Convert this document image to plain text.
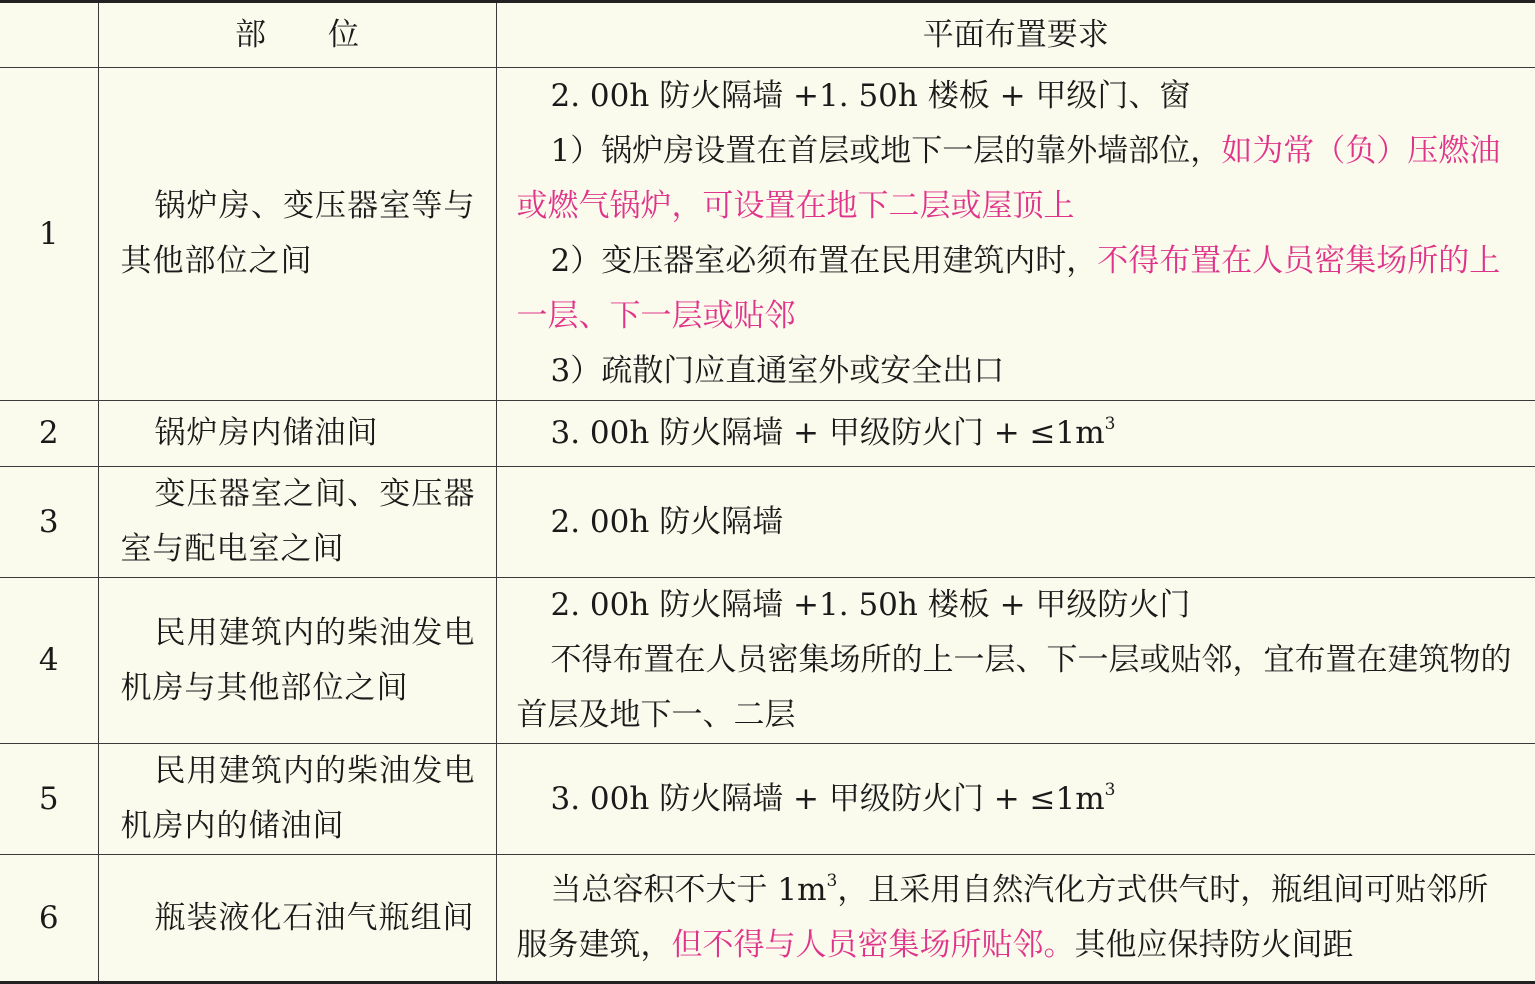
	部　　位	平面布置要求
1	锅炉房、变压器室等与其他部位之间	2. 00h 防火隔墙 +1. 50h 楼板 + 甲级门、窗
1）锅炉房设置在首层或地下一层的靠外墙部位，如为常（负）压燃油或燃气锅炉，可设置在地下二层或屋顶上
2）变压器室必须布置在民用建筑内时，不得布置在人员密集场所的上一层、下一层或贴邻
3）疏散门应直通室外或安全出口

2	锅炉房内储油间	3. 00h 防火隔墙 + 甲级防火门 + $\le 1m^3$

3	变压器室之间、变压器室与配电室之间	2. 00h 防火隔墙

4	民用建筑内的柴油发电机房与其他部位之间	2. 00h 防火隔墙 +1. 50h 楼板 + 甲级防火门
不得布置在人员密集场所的上一层、下一层或贴邻，宜布置在建筑物的首层及地下一、二层

5	民用建筑内的柴油发电机房内的储油间	3. 00h 防火隔墙 + 甲级防火门 + $\le 1m^3$

6	瓶装液化石油气瓶组间	当总容积不大于 $1m^3$，且采用自然汽化方式供气时，瓶组间可贴邻所服务建筑，但不得与人员密集场所贴邻。其他应保持防火间距
